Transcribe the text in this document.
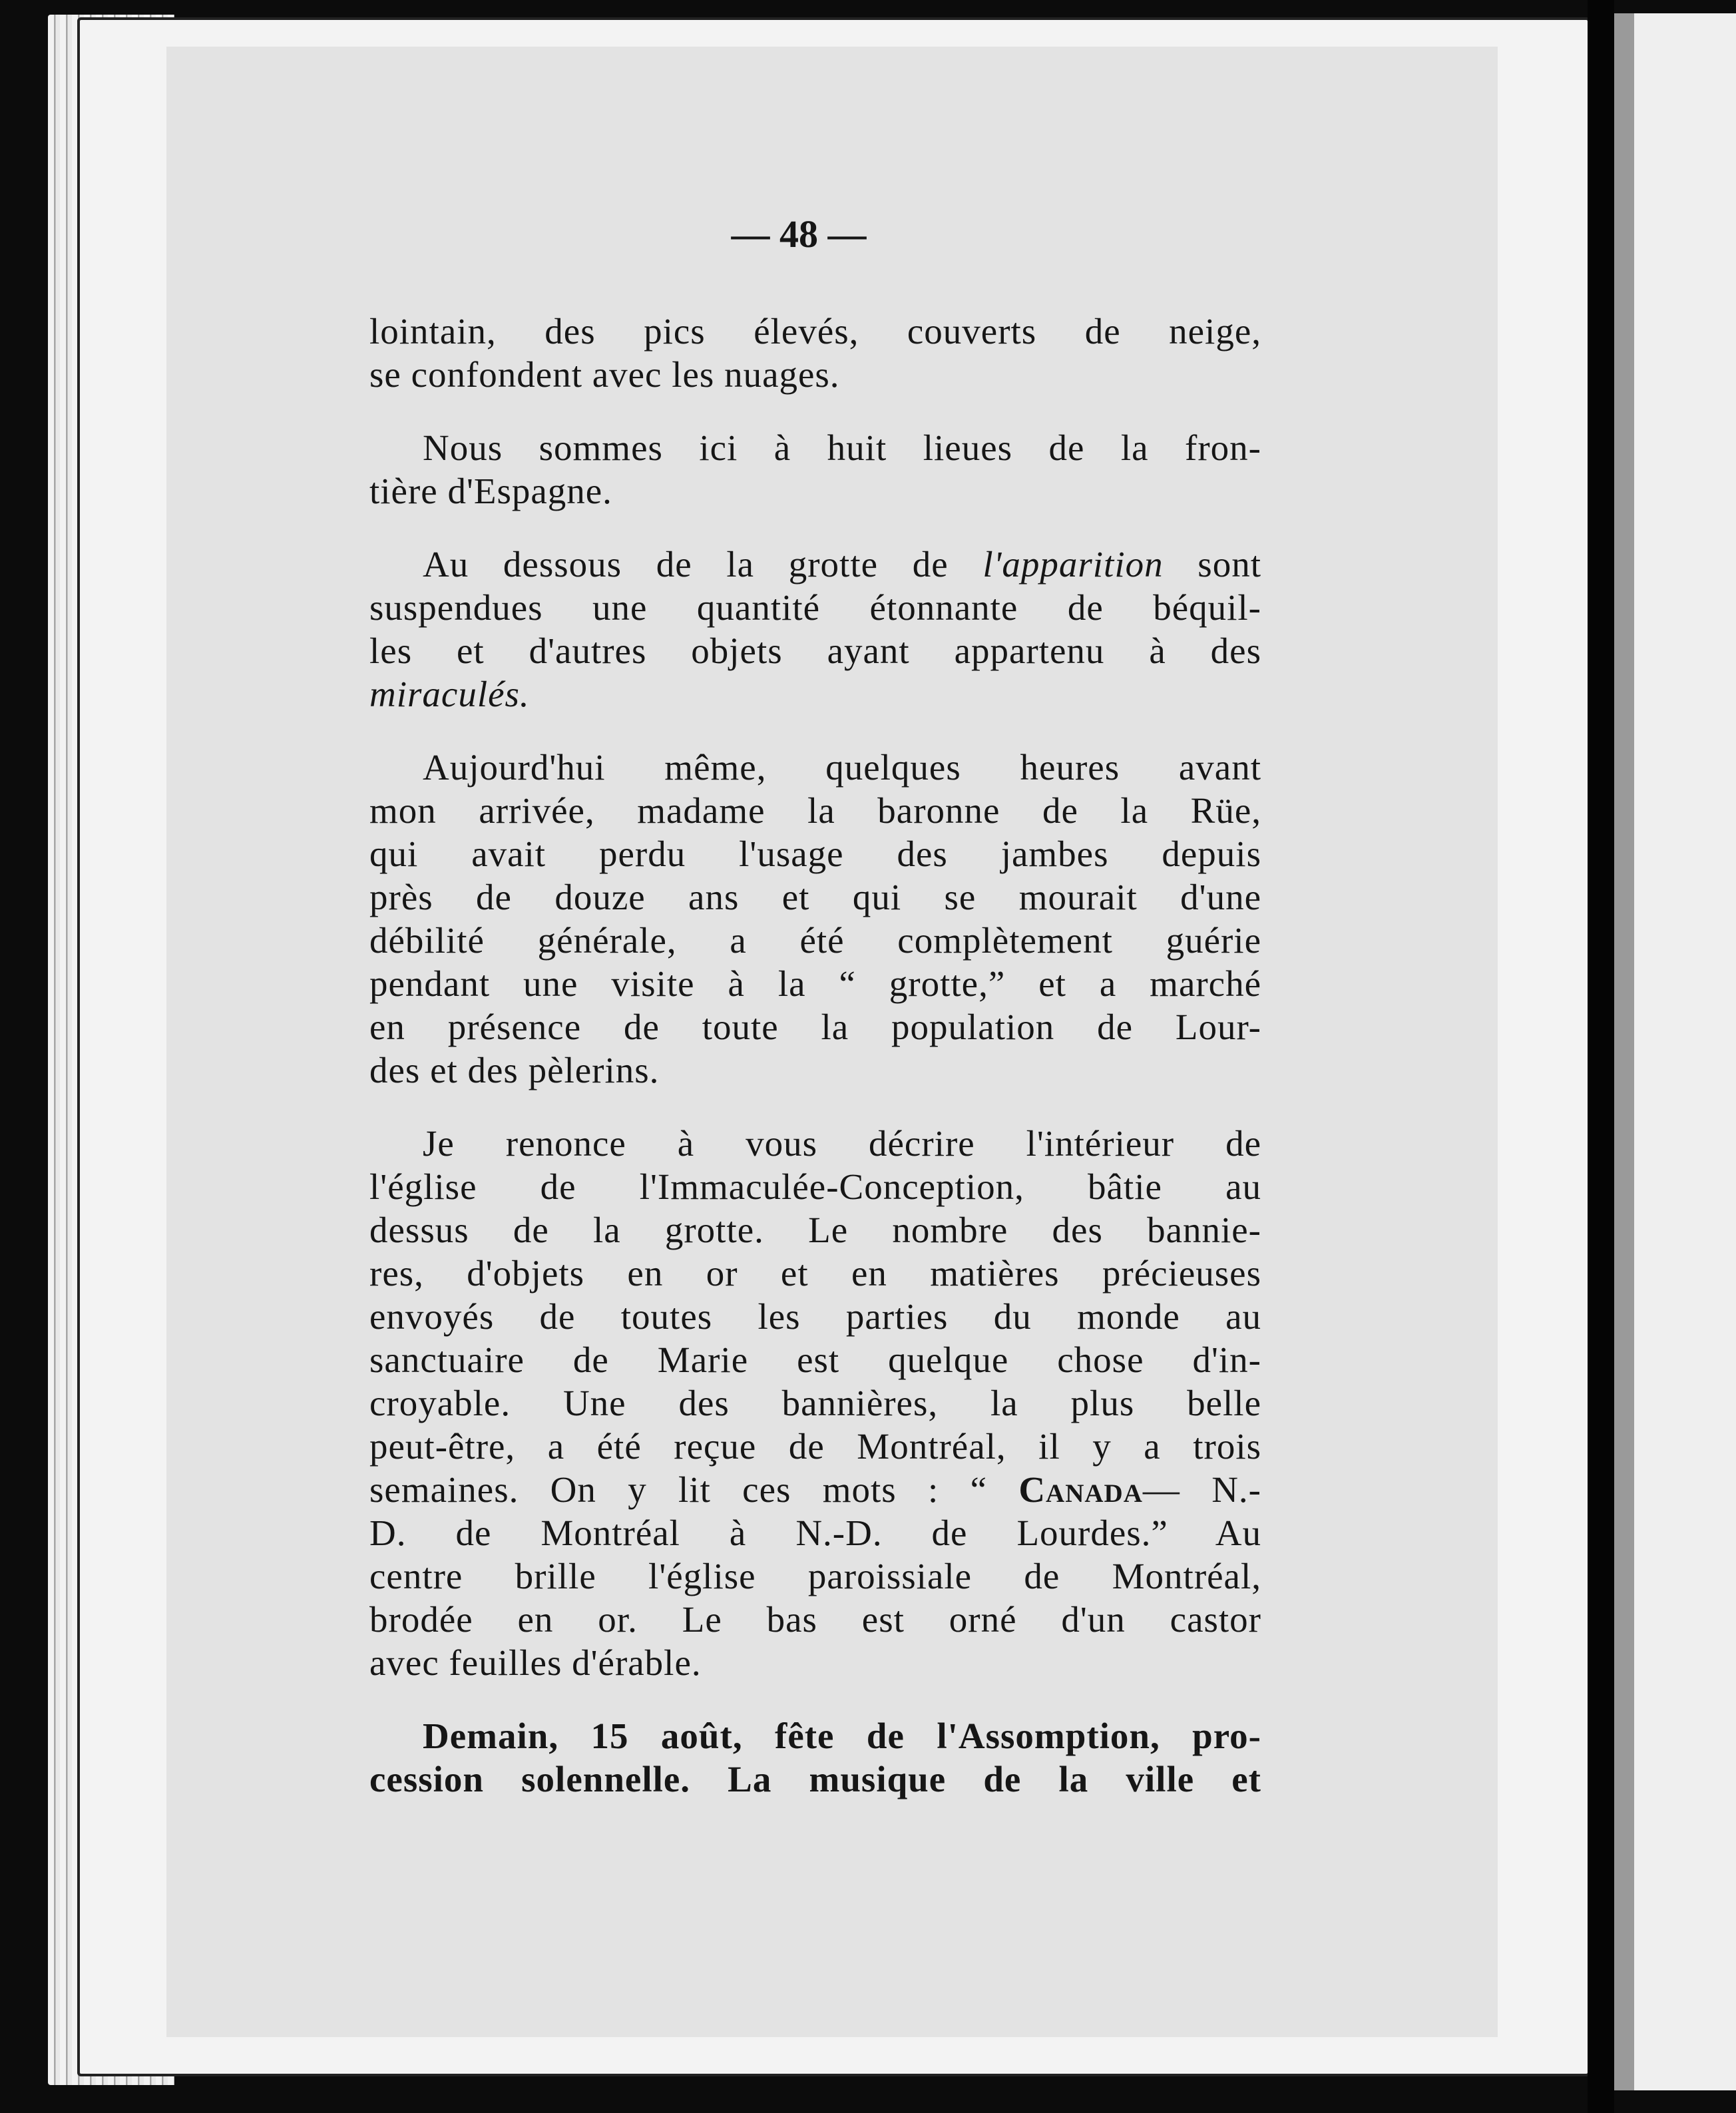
— 48 —
lointain, des pics élevés, couverts de neige,
se confondent avec les nuages.
Nous sommes ici à huit lieues de la fron-
tière d'Espagne.
Au dessous de la grotte de l'apparition sont
suspendues une quantité étonnante de béquil-
les et d'autres objets ayant appartenu à des
miraculés.
Aujourd'hui même, quelques heures avant
mon arrivée, madame la baronne de la Rüe,
qui avait perdu l'usage des jambes depuis
près de douze ans et qui se mourait d'une
débilité générale, a été complètement guérie
pendant une visite à la “ grotte,” et a marché
en présence de toute la population de Lour-
des et des pèlerins.
Je renonce à vous décrire l'intérieur de
l'église de l'Immaculée-Conception, bâtie au
dessus de la grotte. Le nombre des bannie-
res, d'objets en or et en matières précieuses
envoyés de toutes les parties du monde au
sanctuaire de Marie est quelque chose d'in-
croyable. Une des bannières, la plus belle
peut-être, a été reçue de Montréal, il y a trois
semaines. On y lit ces mots : “ Canada— N.-
D. de Montréal à N.-D. de Lourdes.” Au
centre brille l'église paroissiale de Montréal,
brodée en or. Le bas est orné d'un castor
avec feuilles d'érable.
Demain, 15 août, fête de l'Assomption, pro-
cession solennelle. La musique de la ville et
